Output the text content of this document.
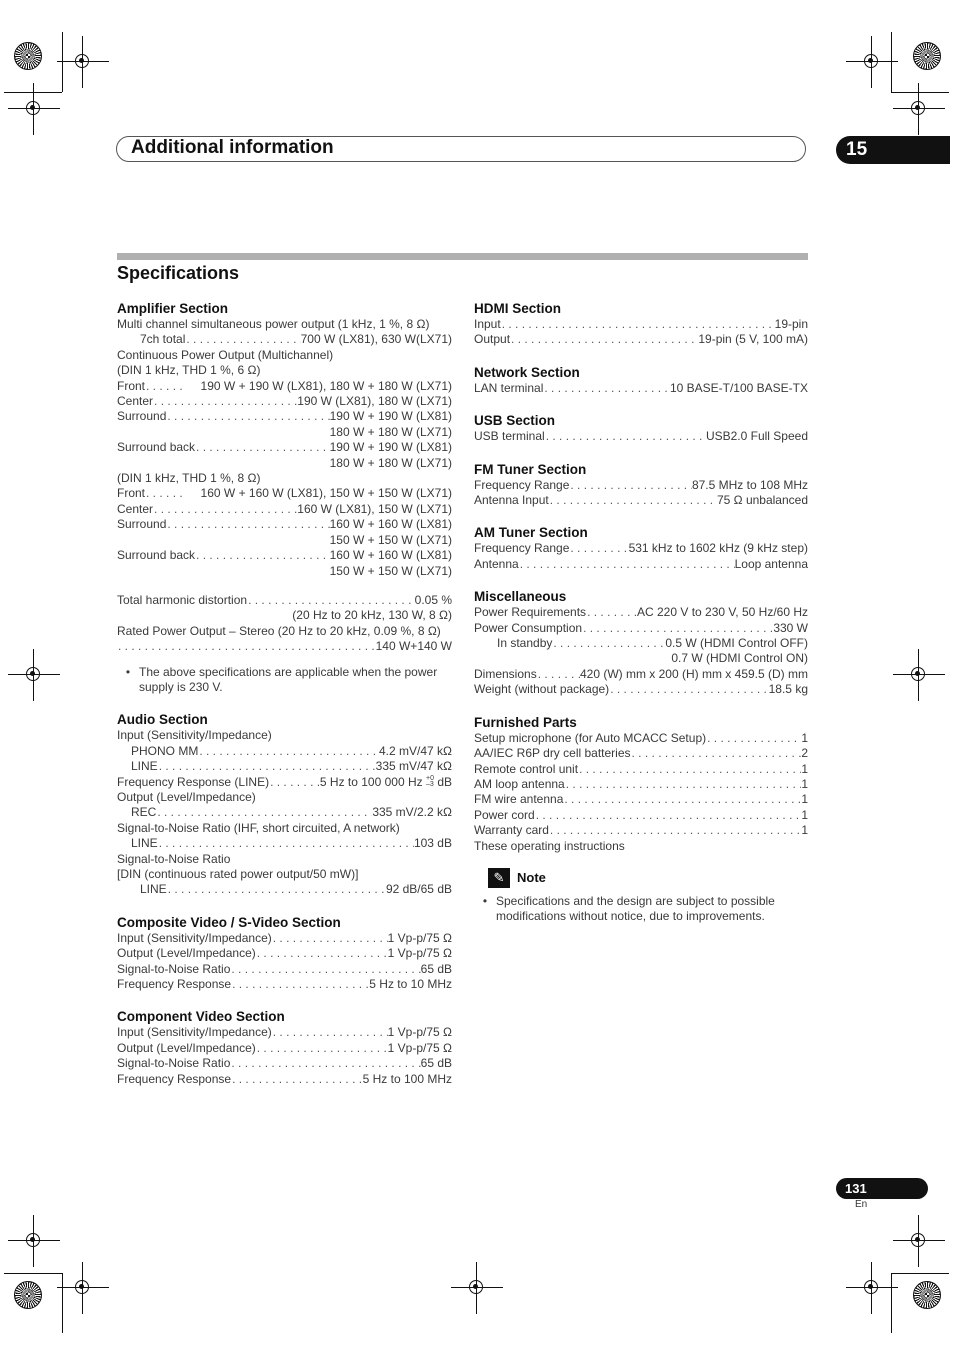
Additional information	15
Specifications

Amplifier Section

Multi channel simultaneous power output (1 kHz, 1 %, 8 Ω)
7ch total . . .	700 W (LX81), 630 W(LX71)
Continuous Power Output (Multichannel)
(DIN 1 kHz, THD 1 %, 6 Ω)
Front . . .	190 W + 190 W (LX81), 180 W + 180 W (LX71)
Center . . .	190 W (LX81), 180 W (LX71)
Surround . . .	190 W + 190 W (LX81)
180 W + 180 W (LX71)
Surround back . . .	190 W + 190 W (LX81)
180 W + 180 W (LX71)
(DIN 1 kHz, THD 1 %, 8 Ω)
Front . . .	160 W + 160 W (LX81), 150 W + 150 W (LX71)
Center . . .	160 W (LX81), 150 W (LX71)
Surround . . .	160 W + 160 W (LX81)
150 W + 150 W (LX71)
Surround back . . .	160 W + 160 W (LX81)
150 W + 150 W (LX71)
Total harmonic distortion . . .	0.05 %
(20 Hz to 20 kHz, 130 W, 8 Ω)
Rated Power Output – Stereo (20 Hz to 20 kHz, 0.09 %, 8 Ω)
. . .
140 W+140 W
• The above specifications are applicable when the power supply is 230 V.

Audio Section

Input (Sensitivity/Impedance)
PHONO MM . . .	4.2 mV/47 kΩ
LINE . . .	335 mV/47 kΩ
Frequency Response (LINE) . . .	5 Hz to 100 000 Hz +0
–3 dB
Output (Level/Impedance)
REC . . .	335 mV/2.2 kΩ
Signal-to-Noise Ratio (IHF, short circuited, A network)
LINE . . .	103 dB
Signal-to-Noise Ratio
[DIN (continuous rated power output/50 mW)]
LINE . . .	92 dB/65 dB

Composite Video / S-Video Section

Input (Sensitivity/Impedance) . . .	1 Vp-p/75 Ω
Output (Level/Impedance) . . .	1 Vp-p/75 Ω
Signal-to-Noise Ratio . . .	65 dB
Frequency Response . . .	5 Hz to 10 MHz

Component Video Section

Input (Sensitivity/Impedance) . . .	1 Vp-p/75 Ω
Output (Level/Impedance) . . .	1 Vp-p/75 Ω
Signal-to-Noise Ratio . . .	65 dB
Frequency Response . . .	5 Hz to 100 MHz

HDMI Section

Input . . .	19-pin
Output . . .	19-pin (5 V, 100 mA)

Network Section

LAN terminal . . .	10 BASE-T/100 BASE-TX

USB Section

USB terminal . . .	USB2.0 Full Speed

FM Tuner Section

Frequency Range . . .	87.5 MHz to 108 MHz
Antenna Input . . .	75 Ω unbalanced

AM Tuner Section

Frequency Range . . .	531 kHz to 1602 kHz (9 kHz step)
Antenna . . .	Loop antenna

Miscellaneous

Power Requirements . . .	AC 220 V to 230 V, 50 Hz/60 Hz
Power Consumption . . .	330 W
In standby . . .	0.5 W (HDMI Control OFF)
0.7 W (HDMI Control ON)
Dimensions . . .	420 (W) mm x 200 (H) mm x 459.5 (D) mm
Weight (without package) . . .	18.5 kg

Furnished Parts

Setup microphone (for Auto MCACC Setup) . . .	1
AA/IEC R6P dry cell batteries . . .	2
Remote control unit . . .	1
AM loop antenna . . .	1
FM wire antenna . . .	1
Power cord . . .	1
Warranty card . . .	1
These operating instructions
✎ Note
• Specifications and the design are subject to possible modifications without notice, due to improvements.
131
En
